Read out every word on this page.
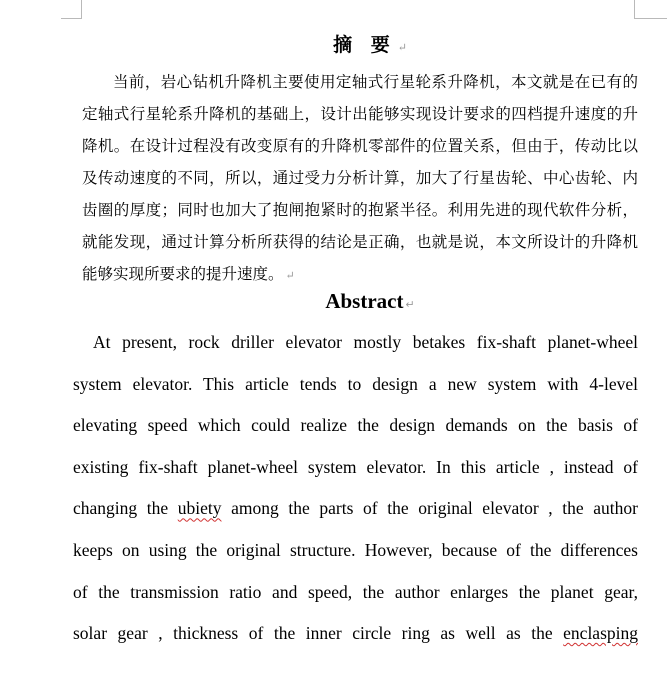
摘 要 ↵
当前，岩心钻机升降机主要使用定轴式行星轮系升降机，本文就是在已有的
定轴式行星轮系升降机的基础上，设计出能够实现设计要求的四档提升速度的升
降机。在设计过程没有改变原有的升降机零部件的位置关系，但由于，传动比以
及传动速度的不同，所以，通过受力分析计算，加大了行星齿轮、中心齿轮、内
齿圈的厚度；同时也加大了抱闸抱紧时的抱紧半径。利用先进的现代软件分析，
就能发现，通过计算分析所获得的结论是正确，也就是说，本文所设计的升降机
能够实现所要求的提升速度。 ↵
Abstract ↵
At present, rock driller elevator mostly betakes fix-shaft planet-wheel
system elevator. This article tends to design a new system with 4-level
elevating speed which could realize the design demands on the basis of
existing fix-shaft planet-wheel system elevator. In this article , instead of
changing the ubiety among the parts of the original elevator , the author
keeps on using the original structure. However, because of the differences
of the transmission ratio and speed, the author enlarges the planet gear,
solar gear , thickness of the inner circle ring as well as the enclasping
